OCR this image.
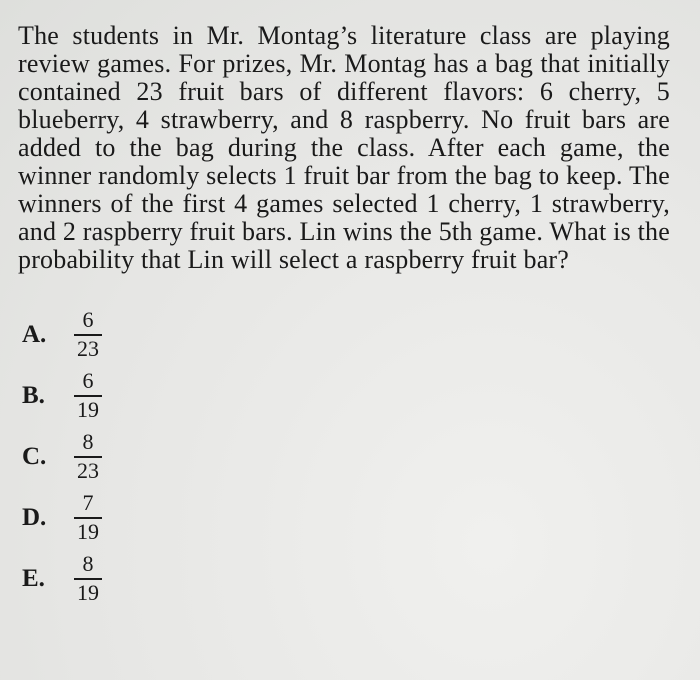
The students in Mr. Montag’s literature class are playing review games. For prizes, Mr. Montag has a bag that initially contained 23 fruit bars of different flavors: 6 cherry, 5 blueberry, 4 strawberry, and 8 raspberry. No fruit bars are added to the bag during the class. After each game, the winner randomly selects 1 fruit bar from the bag to keep. The winners of the first 4 games selected 1 cherry, 1 strawberry, and 2 raspberry fruit bars. Lin wins the 5th game. What is the probability that Lin will select a raspberry fruit bar?

A.	$\frac{6}{23}$
B.	$\frac{6}{19}$
C.	$\frac{8}{23}$
D.	$\frac{7}{19}$
E.	$\frac{8}{19}$
